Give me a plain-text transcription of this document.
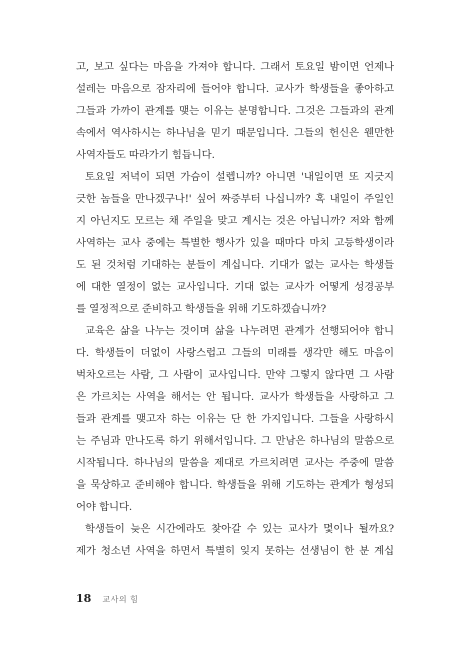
고, 보고 싶다는 마음을 가져야 합니다. 그래서 토요일 밤이면 언제나
설레는 마음으로 잠자리에 들어야 합니다. 교사가 학생들을 좋아하고
그들과 가까이 관계를 맺는 이유는 분명합니다. 그것은 그들과의 관계
속에서 역사하시는 하나님을 믿기 때문입니다. 그들의 헌신은 웬만한
사역자들도 따라가기 힘듭니다.
토요일 저녁이 되면 가슴이 설렙니까? 아니면 '내일이면 또 지긋지
긋한 놈들을 만나겠구나!' 싶어 짜증부터 나십니까? 혹 내일이 주일인
지 아닌지도 모르는 채 주일을 맞고 계시는 것은 아닙니까? 저와 함께
사역하는 교사 중에는 특별한 행사가 있을 때마다 마치 고등학생이라
도 된 것처럼 기대하는 분들이 계십니다. 기대가 없는 교사는 학생들
에 대한 열정이 없는 교사입니다. 기대 없는 교사가 어떻게 성경공부
를 열정적으로 준비하고 학생들을 위해 기도하겠습니까?
교육은 삶을 나누는 것이며 삶을 나누려면 관계가 선행되어야 합니
다. 학생들이 더없이 사랑스럽고 그들의 미래를 생각만 해도 마음이
벅차오르는 사람, 그 사람이 교사입니다. 만약 그렇지 않다면 그 사람
은 가르치는 사역을 해서는 안 됩니다. 교사가 학생들을 사랑하고 그
들과 관계를 맺고자 하는 이유는 단 한 가지입니다. 그들을 사랑하시
는 주님과 만나도록 하기 위해서입니다. 그 만남은 하나님의 말씀으로
시작됩니다. 하나님의 말씀을 제대로 가르치려면 교사는 주중에 말씀
을 묵상하고 준비해야 합니다. 학생들을 위해 기도하는 관계가 형성되
어야 합니다.
학생들이 늦은 시간에라도 찾아갈 수 있는 교사가 몇이나 될까요?
제가 청소년 사역을 하면서 특별히 잊지 못하는 선생님이 한 분 계십
18 교사의 힘
